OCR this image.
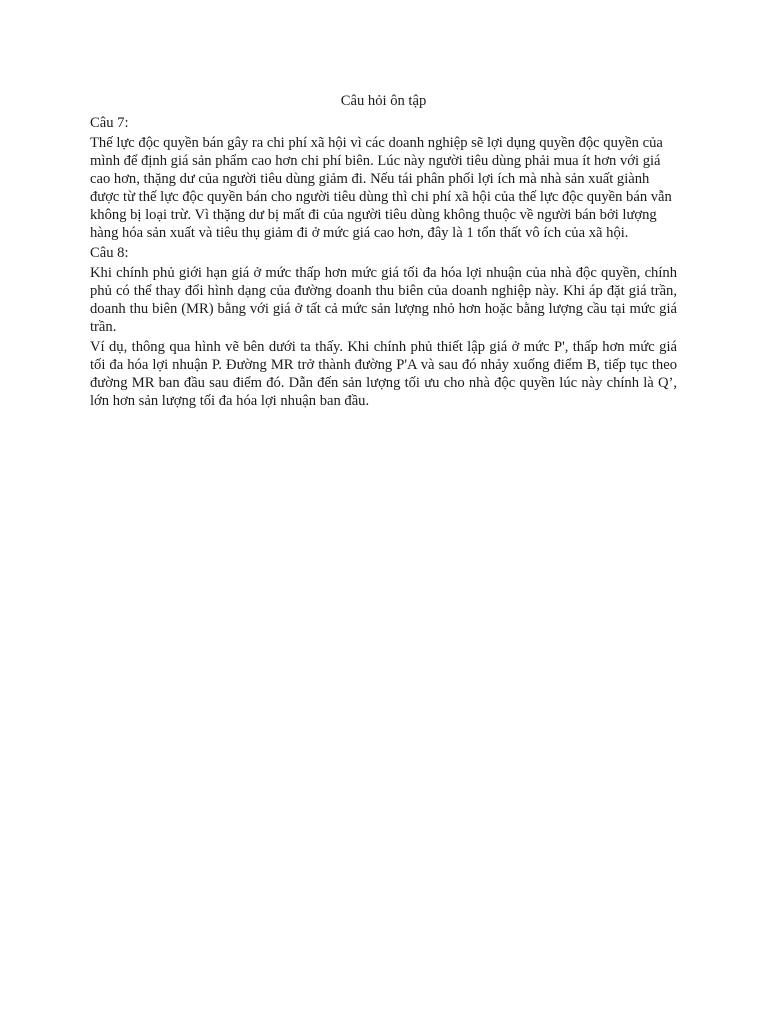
Câu hỏi ôn tập
Câu 7:
Thế lực độc quyền bán gây ra chi phí xã hội vì các doanh nghiệp sẽ lợi dụng quyền độc quyền của mình để định giá sản phẩm cao hơn chi phí biên. Lúc này người tiêu dùng phải mua ít hơn với giá cao hơn, thặng dư của người tiêu dùng giảm đi. Nếu tái phân phối lợi ích mà nhà sản xuất giành được từ thế lực độc quyền bán cho người tiêu dùng thì chi phí xã hội của thế lực độc quyền bán vẫn không bị loại trừ. Vì thặng dư bị mất đi của người tiêu dùng không thuộc về người bán bởi lượng hàng hóa sản xuất và tiêu thụ giảm đi ở mức giá cao hơn, đây là 1 tổn thất vô ích của xã hội.
Câu 8:
Khi chính phủ giới hạn giá ở mức thấp hơn mức giá tối đa hóa lợi nhuận của nhà độc quyền, chính phủ có thể thay đổi hình dạng của đường doanh thu biên của doanh nghiệp này. Khi áp đặt giá trần, doanh thu biên (MR) bằng với giá ở tất cả mức sản lượng nhỏ hơn hoặc bằng lượng cầu tại mức giá trần.
Ví dụ, thông qua hình vẽ bên dưới ta thấy. Khi chính phủ thiết lập giá ở mức P', thấp hơn mức giá tối đa hóa lợi nhuận P. Đường MR trở thành đường P'A và sau đó nhảy xuống điểm B, tiếp tục theo đường MR ban đầu sau điểm đó. Dẫn đến sản lượng tối ưu cho nhà độc quyền lúc này chính là Q’, lớn hơn sản lượng tối đa hóa lợi nhuận ban đầu.
